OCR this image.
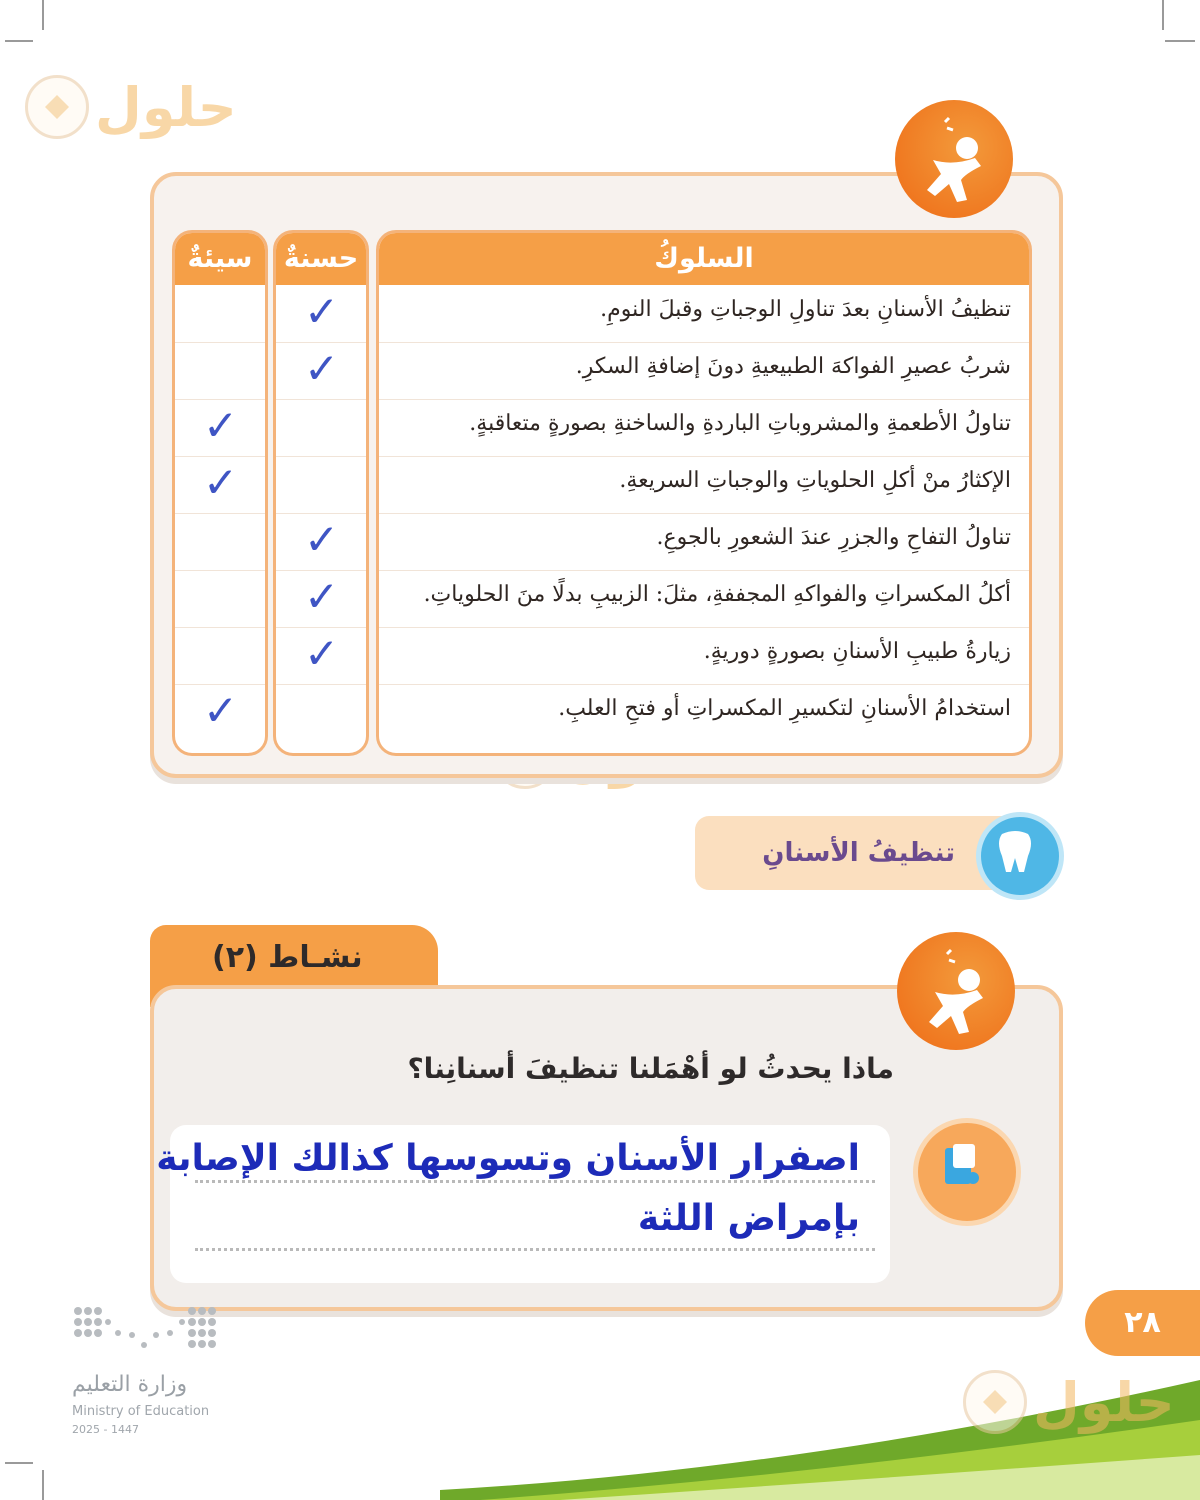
حلول
السلوكُ
تنظيفُ الأسنانِ بعدَ تناولِ الوجباتِ وقبلَ النومِ.
شربُ عصيرِ الفواكهَ الطبيعيةِ دونَ إضافةِ السكرِ.
تناولُ الأطعمةِ والمشروباتِ الباردةِ والساخنةِ بصورةٍ متعاقبةٍ.
الإكثارُ منْ أكلِ الحلوياتِ والوجباتِ السريعةِ.
تناولُ التفاحِ والجزرِ عندَ الشعورِ بالجوعِ.
أكلُ المكسراتِ والفواكهِ المجففةِ، مثلَ: الزبيبِ بدلًا منَ الحلوياتِ.
زيارةُ طبيبِ الأسنانِ بصورةٍ دوريةٍ.
استخدامُ الأسنانِ لتكسيرِ المكسراتِ أو فتحِ العلبِ.
حسنةٌ
✓
✓
✓
✓
✓
سيئةٌ
✓
✓
✓
تنظيفُ الأسنانِ
نشـاط (٢)
ماذا يحدثُ لو أهْمَلنا تنظيفَ أسنانِنا؟
اصفرار الأسنان وتسوسها كذالك الإصابة
بإمراض اللثة
٢٨
وزارة التعليم
Ministry of Education
2025 - 1447	حلول
